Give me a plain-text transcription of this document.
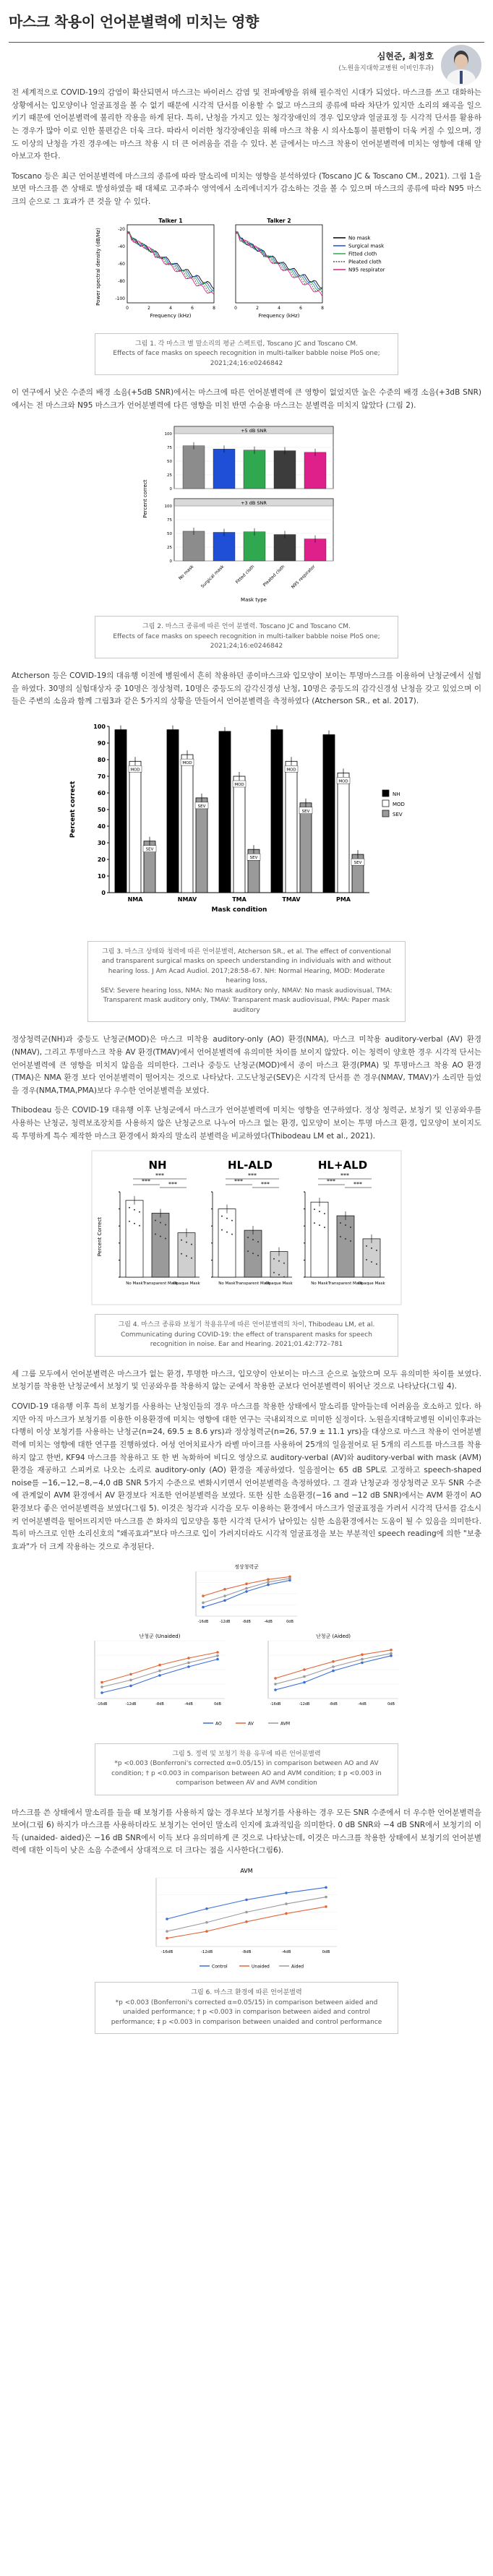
마스크 착용이 언어분별력에 미치는 영향
심현준, 최정호
(노원을지대학교병원 이비인후과)

전 세계적으로 COVID-19의 감염이 확산되면서 마스크는 바이러스 감염 및 전파예방을 위해 필수적인 시대가 되었다. 마스크를 쓰고 대화하는 상황에서는 입모양이나 얼굴표정을 볼 수 없기 때문에 시각적 단서를 이용할 수 없고 마스크의 종류에 따라 차단가 있지만 소리의 왜곡을 일으키기 때문에 언어분별력에 불리한 작용을 하게 된다. 특히, 난청을 가지고 있는 청각장애인의 경우 입모양과 얼굴표정 등 시각적 단서를 활용하는 경우가 많아 이로 인한 불편감은 더욱 크다. 따라서 이러한 청각장애인을 위해 마스크 착용 시 의사소통이 불편함이 더욱 커질 수 있으며, 경도 이상의 난청을 가진 경우에는 마스크 착용 시 더 큰 어려움을 겪을 수 있다. 본 글에서는 마스크 착용이 언어분별력에 미치는 영향에 대해 알아보고자 한다.

Toscano 등은 최근 언어분별력에 마스크의 종류에 따라 말소리에 미치는 영향을 분석하였다 (Toscano JC & Toscano CM., 2021). 그림 1을 보면 마스크를 쓴 상태로 발성하였을 때 대체로 고주파수 영역에서 소리에너지가 감소하는 것을 볼 수 있으며 마스크의 종류에 따라 N95 마스크의 순으로 그 효과가 큰 것을 알 수 있다.

Power spectral density (dB/Hz)
Talker 1
-20
-40
-60
-80
-100
0	2	4	6	8
Frequency (kHz)
Talker 2
0	2	4	6	8
Frequency (kHz)
No mask
Surgical mask
Fitted cloth
Pleated cloth
N95 respirator
그림 1. 각 마스크 별 말소리의 평균 스펙트럼, Toscano JC and Toscano CM.
Effects of face masks on speech recognition in multi-talker babble noise PloS one; 2021;24;16:e0246842

이 연구에서 낮은 수준의 배경 소음(+5dB SNR)에서는 마스크에 따른 언어분별력에 큰 영향이 없었지만 높은 수준의 배경 소음(+3dB SNR)에서는 전 마스크와 N95 마스크가 언어분별력에 다른 영향을 미친 반면 수술용 마스크는 분별력을 미치지 않았다 (그림 2).

Percent correct
+5 dB SNR
100
75
50
25
0
+3 dB SNR
100
75
50
25
0
No mask Surgical mask Fitted cloth Pleated cloth N95 respirator
Mask type
그림 2. 마스크 종류에 따른 언어 분별력. Toscano JC and Toscano CM.
Effects of face masks on speech recognition in multi-talker babble noise PloS one; 2021;24;16:e0246842

Atcherson 등은 COVID-19의 대유행 이전에 병원에서 흔히 착용하던 종이마스크와 입모양이 보이는 투명마스크를 이용하여 난청군에서 실험을 하였다. 30명의 실험대상자 중 10명은 정상청력, 10명은 중등도의 감각신경성 난청, 10명은 중등도의 감각신경성 난청을 갖고 있었으며 이들은 주변의 소음과 함께 그림3과 같은 5가지의 상황을 만들어서 언어분별력을 측정하였다 (Atcherson SR., et al. 2017).

Percent correct
100
90
80
70
60
50
40
30
20
10
0
MOD
SEV
NMA
MOD
SEV
NMAV
MOD
SEV
TMA
MOD
SEV
TMAV
MOD
SEV
PMA
Mask condition
NH
MOD
SEV
그림 3. 마스크 상태와 청력에 따른 언어분별력, Atcherson SR., et al. The effect of conventional and transparent surgical masks on speech understanding in individuals with and without hearing loss. J Am Acad Audiol. 2017;28:58–67. NH: Normal Hearing, MOD: Moderate hearing loss,
SEV: Severe hearing loss, NMA: No mask auditory only, NMAV: No mask audiovisual, TMA: Transparent mask auditory only, TMAV: Transparent mask audiovisual, PMA: Paper mask auditory

정상청력군(NH)과 중등도 난청군(MOD)은 마스크 미착용 auditory-only (AO) 환경(NMA), 마스크 미착용 auditory-verbal (AV) 환경(NMAV), 그리고 투명마스크 착용 AV 환경(TMAV)에서 언어분별력에 유의미한 차이를 보이지 않았다. 이는 청력이 양호한 경우 시각적 단서는 언어분별력에 큰 영향을 미치지 않음을 의미한다. 그러나 중등도 난청군(MOD)에서 종이 마스크 환경(PMA) 및 투명마스크 착용 AO 환경(TMA)은 NMA 환경 보다 언어분별력이 떨어지는 것으로 나타났다. 고도난청군(SEV)은 시각적 단서를 쓴 경우(NMAV, TMAV)가 소리만 들었을 경우(NMA,TMA,PMA)보다 우수한 언어분별력을 보였다.

Thibodeau 등은 COVID-19 대유행 이후 난청군에서 마스크가 언어분별력에 미치는 영향을 연구하였다. 정상 청력군, 보청기 및 인공와우를 사용하는 난청군, 청력보조장치를 사용하지 않은 난청군으로 나누어 마스크 없는 환경, 입모양이 보이는 투명 마스크 환경, 입모양이 보이지도록 투명하게 특수 제작한 마스크 환경에서 화자의 말소리 분별력을 비교하였다(Thibodeau LM et al., 2021).

Percent Correct
NH
***
***	***
No Mask Transparent Mask
Opaque Mask
HL-ALD
***
***	***
No Mask Transparent Mask
Opaque Mask
HL+ALD
***
***	***
No Mask Transparent Mask
Opaque Mask
그림 4. 마스크 종류와 보청기 착용유무에 따른 언어분별력의 차이, Thibodeau LM, et al.
Communicating during COVID-19: the effect of transparent masks for speech recognition in noise. Ear and Hearing. 2021;01.42:772–781

세 그룹 모두에서 언어분별력은 마스크가 없는 환경, 투명한 마스크, 입모양이 안보이는 마스크 순으로 높았으며 모두 유의미한 차이를 보였다. 보청기를 착용한 난청군에서 보청기 및 인공와우를 착용하지 않는 군에서 착용한 군보다 언어분별력이 뛰어난 것으로 나타났다(그림 4).

COVID-19 대유행 이후 특히 보청기를 사용하는 난청인들의 경우 마스크를 착용한 상태에서 말소리를 알아들는데 어려움을 호소하고 있다. 하지만 아직 마스크가 보청기를 이용한 이용환경에 미치는 영향에 대한 연구는 국내외적으로 미미한 실정이다. 노원을지대학교병원 이비인후과는 다행히 이상 보청기를 사용하는 난청군(n=24, 69.5 ± 8.6 yrs)과 정상청력군(n=26, 57.9 ± 11.1 yrs)을 대상으로 마스크 착용이 언어분별력에 미치는 영향에 대한 연구를 진행하였다. 여성 언어치료사가 라벨 마이크를 사용하여 25개의 일음절어로 된 5개의 리스트를 마스크를 착용하지 않고 한번, KF94 마스크를 착용하고 또 한 번 녹화하여 비디오 영상으로 auditory-verbal (AV)와 auditory-verbal with mask (AVM) 환경을 재공하고 스피커로 나오는 소리로 auditory-only (AO) 환경을 제공하였다. 일음절어는 65 dB SPL로 고정하고 speech-shaped noise를 −16,−12,−8,−4,0 dB SNR 5가지 수준으로 변화시키면서 언어분별력을 측정하였다. 그 결과 난청군과 정상청력군 모두 SNR 수준에 관계없이 AVM 환경에서 AV 환경보다 저조한 언어분별력을 보였다. 또한 심한 소음환경(−16 and −12 dB SNR)에서는 AVM 환경이 AO 환경보다 좋은 언어분별력을 보였다(그림 5). 이것은 청각과 시각을 모두 이용하는 환경에서 마스크가 얼굴표정을 가려서 시각적 단서를 감소시켜 언어분별력을 떨어뜨리지만 마스크를 쓴 화자의 입모양을 통한 시각적 단서가 남아있는 심한 소음환경에서는 도움이 될 수 있음을 의미한다. 특히 마스크로 인한 소리신호의 "왜곡효과"보다 마스크로 입이 가려지더라도 시각적 얼굴표정을 보는 부분적인 speech reading에 의한 "보충효과"가 더 크게 작용하는 것으로 추정된다.

정상청력군
-16dB	-12dB	-8dB	-4dB	0dB
난청군 (Unaided)
-16dB	-12dB	-8dB	-4dB	0dB
난청군 (Aided)
-16dB	-12dB	-8dB	-4dB	0dB
AO	AV	AVM
그림 5. 정력 및 보청기 착용 유무에 따른 언어분별력
*p <0.003 (Bonferroni's corrected α=0.05/15) in comparison between AO and AV condition; † p <0.003 in comparison between AO and AVM condition; ‡ p <0.003 in comparison between AV and AVM condition

마스크를 쓴 상태에서 말소리를 들을 때 보청기를 사용하지 않는 경우보다 보청기를 사용하는 경우 모든 SNR 수준에서 더 우수한 언어분별력을 보여(그림 6) 하지가 마스크를 사용하더라도 보청기는 언어인 말소리 인지에 효과적임을 의미한다. 0 dB SNR와 −4 dB SNR에서 보청기의 이득 (unaided- aided)은 −16 dB SNR에서 이득 보다 유의미하게 큰 것으로 나타났는데, 이것은 마스크를 착용한 상태에서 보청기의 언어분별력에 대한 이득이 낮은 소음 수준에서 상대적으로 더 크다는 점을 시사한다(그림6).

AVM
-16dB	-12dB	-8dB	-4dB	0dB
Control	Unaided	Aided
그림 6. 마스크 환경에 따른 언어분별력
*p <0.003 (Bonferroni's corrected α=0.05/15) in comparison between aided and unaided performance; † p <0.003 in comparison between aided and control performance; ‡ p <0.003 in comparison between unaided and control performance
